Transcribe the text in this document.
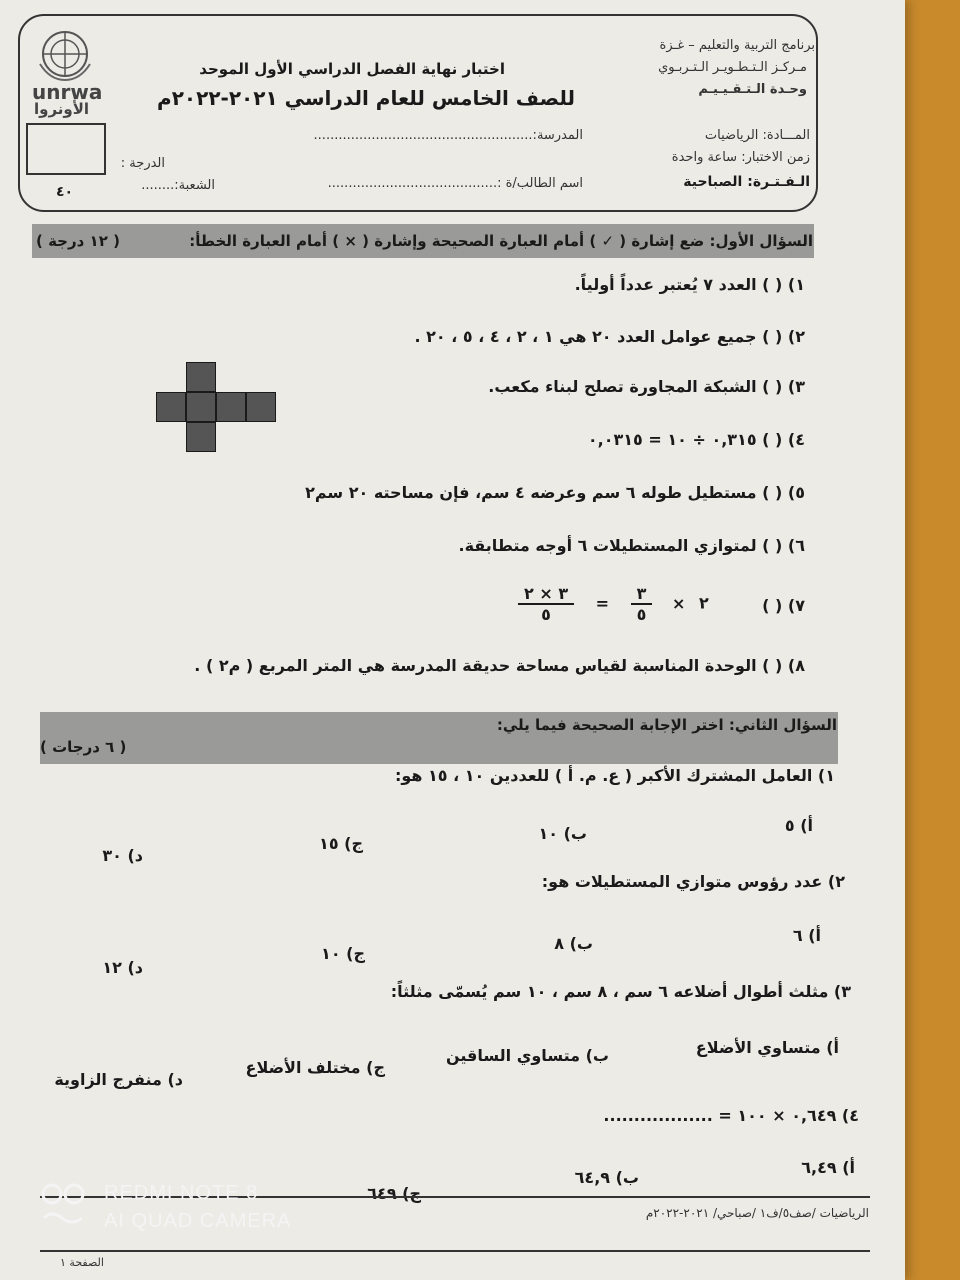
unrwa
الأونروا
برنامج التربية والتعليم – غـزة
مـركـز الـتـطـويـر الـتـربـوي
وحـدة الـتـقـيـيـم
اختبار نهاية الفصل الدراسي الأول الموحد
للصف الخامس للعام الدراسي ٢٠٢١-٢٠٢٢م
المـــادة: الرياضيات
زمن الاختبار: ساعة واحدة
الـفـتـرة: الصباحية
المدرسة:.....................................................
اسم الطالب/ة :.........................................
الشعبة:........
الدرجة :
٤٠
السؤال الأول: ضع إشارة ( ✓ ) أمام العبارة الصحيحة وإشارة ( × ) أمام العبارة الخطأ:
( ١٢ درجة )
١) ( ) العدد ٧ يُعتبر عدداً أولياً.
٢) ( ) جميع عوامل العدد ٢٠ هي ١ ، ٢ ، ٤ ، ٥ ، ٢٠ .
٣) ( ) الشبكة المجاورة تصلح لبناء مكعب.
٤) ( ) ٠,٣١٥ ÷ ١٠ = ٠,٠٣١٥
٥) ( ) مستطيل طوله ٦ سم وعرضه ٤ سم، فإن مساحته ٢٠ سم٢
٦) ( ) لمتوازي المستطيلات ٦ أوجه متطابقة.
٧) ( )
٢ ×
$\frac{٣}{٥}$
=
$\frac{٣ \times ٢}{٥}$
٨) ( ) الوحدة المناسبة لقياس مساحة حديقة المدرسة هي المتر المربع ( م٢ ) .
السؤال الثاني: اختر الإجابة الصحيحة فيما يلي:
( ٦ درجات )
١) العامل المشترك الأكبر ( ع. م. أ ) للعددين ١٠ ، ١٥ هو:
أ) ٥
ب) ١٠
ج) ١٥
د) ٣٠
٢) عدد رؤوس متوازي المستطيلات هو:
أ) ٦
ب) ٨
ج) ١٠
د) ١٢
٣) مثلث أطوال أضلاعه ٦ سم ، ٨ سم ، ١٠ سم يُسمّى مثلثاً:
أ) متساوي الأضلاع
ب) متساوي الساقين
ج) مختلف الأضلاع
د) منفرج الزاوية
٤) ٠,٦٤٩ × ١٠٠ = ..................
أ) ٦,٤٩
ب) ٦٤,٩
ج) ٦٤٩
الرياضيات /صف٥/ف١ /صباحي/ ٢٠٢١-٢٠٢٢م
الصفحة ١
REDMI NOTE 8
AI QUAD CAMERA
